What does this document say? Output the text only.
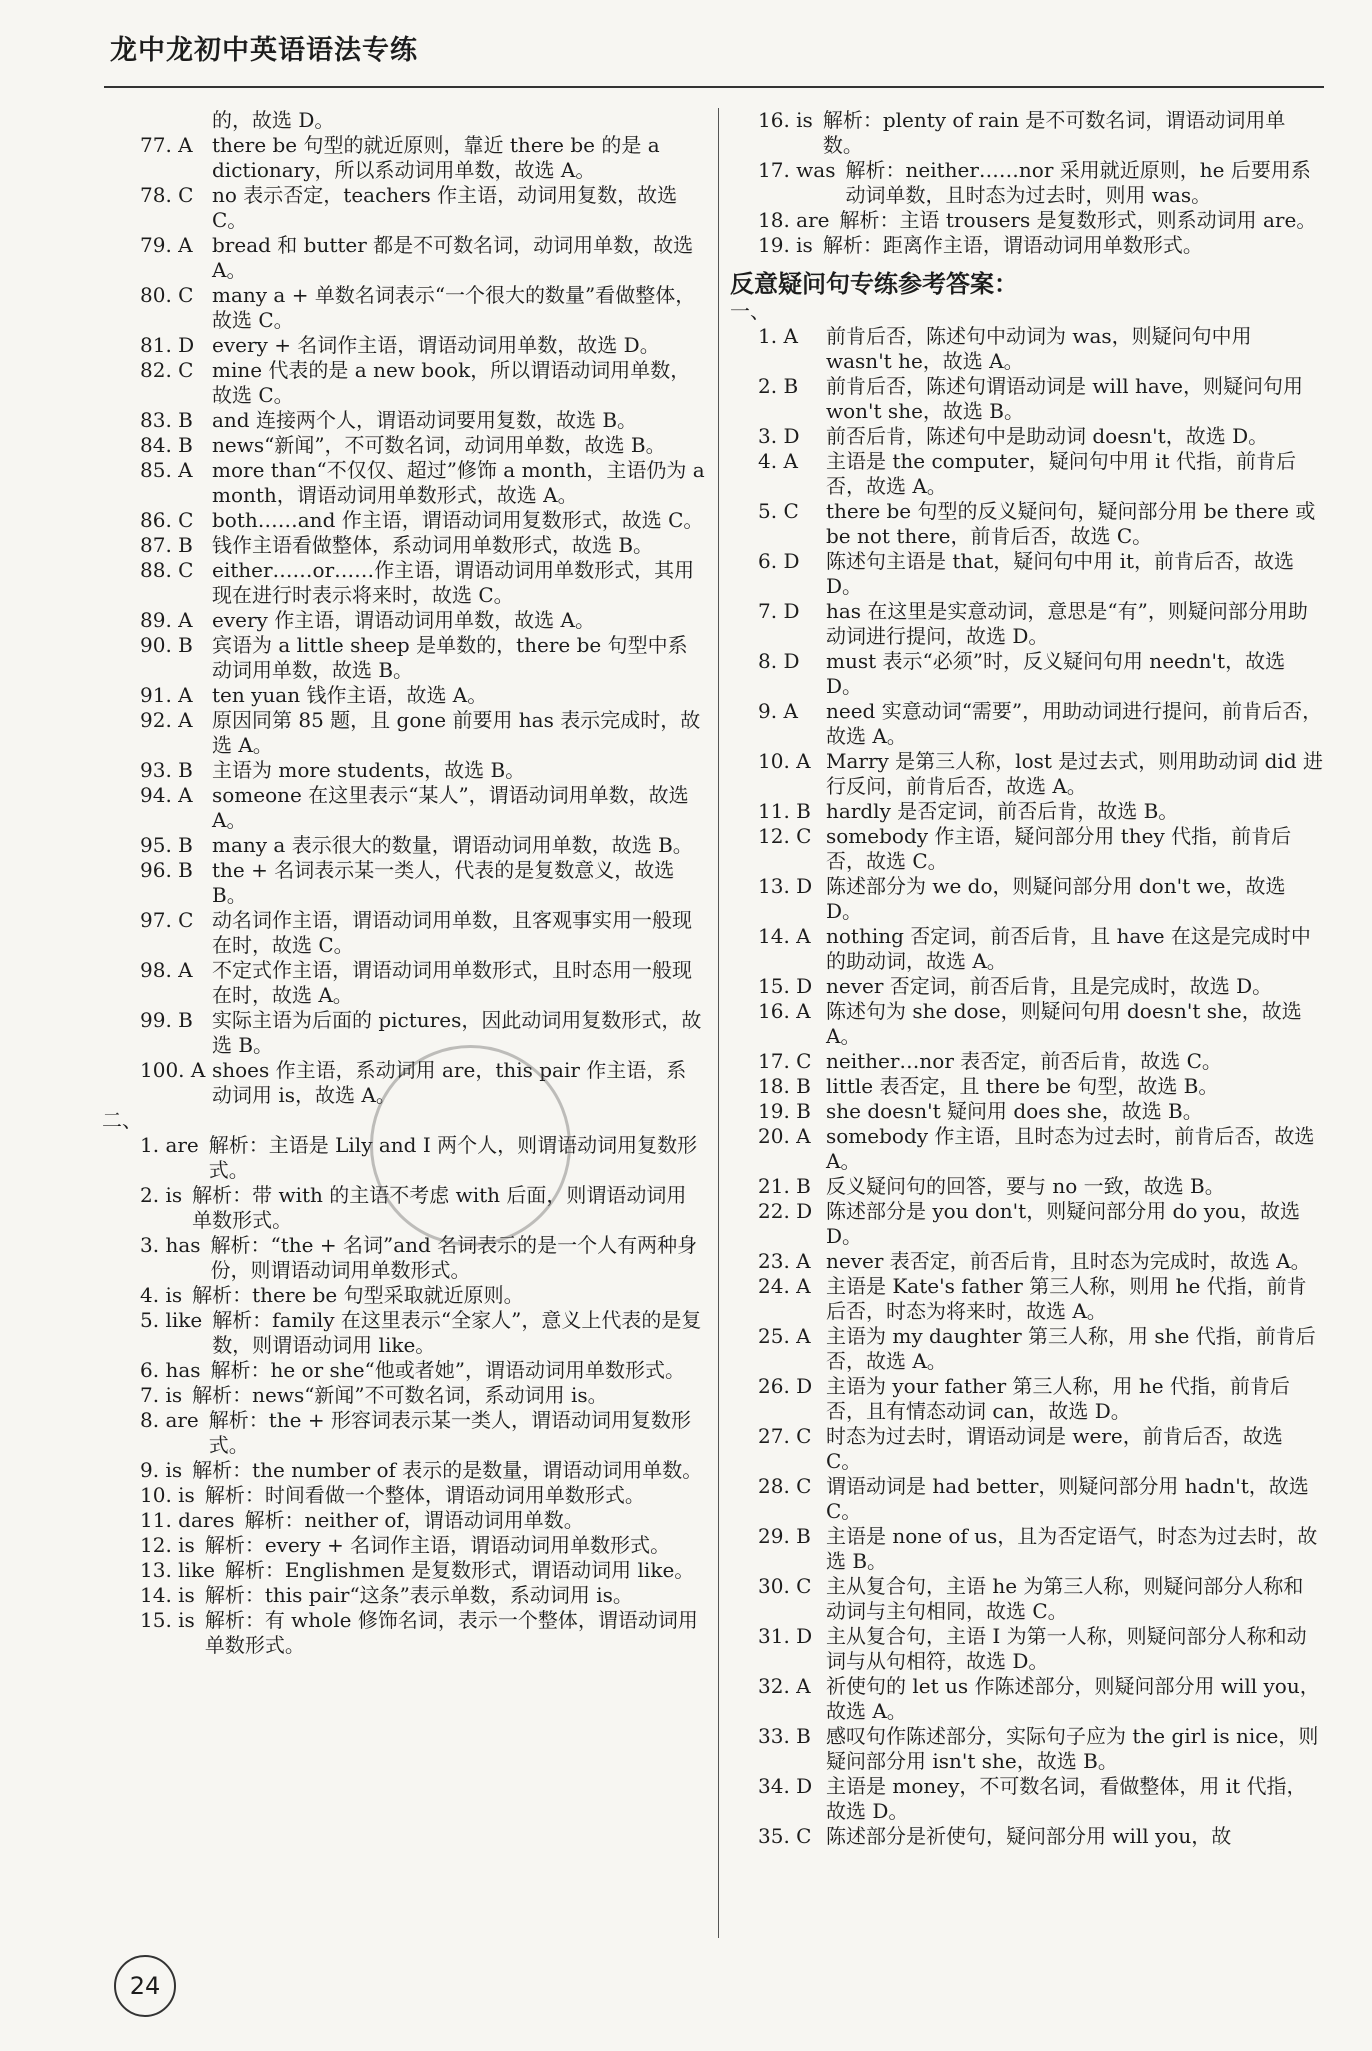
龙中龙初中英语语法专练
的，故选 D。
77. A there be 句型的就近原则，靠近 there be 的是 a dictionary，所以系动词用单数，故选 A。
78. C no 表示否定，teachers 作主语，动词用复数，故选 C。
79. A bread 和 butter 都是不可数名词，动词用单数，故选 A。
80. C many a + 单数名词表示“一个很大的数量”看做整体，故选 C。
81. D every + 名词作主语，谓语动词用单数，故选 D。
82. C mine 代表的是 a new book，所以谓语动词用单数，故选 C。
83. B and 连接两个人，谓语动词要用复数，故选 B。
84. B news“新闻”，不可数名词，动词用单数，故选 B。
85. A more than“不仅仅、超过”修饰 a month，主语仍为 a month，谓语动词用单数形式，故选 A。
86. C both……and 作主语，谓语动词用复数形式，故选 C。
87. B 钱作主语看做整体，系动词用单数形式，故选 B。
88. C either……or……作主语，谓语动词用单数形式，其用现在进行时表示将来时，故选 C。
89. A every 作主语，谓语动词用单数，故选 A。
90. B 宾语为 a little sheep 是单数的，there be 句型中系动词用单数，故选 B。
91. A ten yuan 钱作主语，故选 A。
92. A 原因同第 85 题，且 gone 前要用 has 表示完成时，故选 A。
93. B 主语为 more students，故选 B。
94. A someone 在这里表示“某人”，谓语动词用单数，故选 A。
95. B many a 表示很大的数量，谓语动词用单数，故选 B。
96. B the + 名词表示某一类人，代表的是复数意义，故选 B。
97. C 动名词作主语，谓语动词用单数，且客观事实用一般现在时，故选 C。
98. A 不定式作主语，谓语动词用单数形式，且时态用一般现在时，故选 A。
99. B 实际主语为后面的 pictures，因此动词用复数形式，故选 B。
100. A shoes 作主语，系动词用 are，this pair 作主语，系动词用 is，故选 A。
二、
1. are 解析：主语是 Lily and I 两个人，则谓语动词用复数形式。
2. is 解析：带 with 的主语不考虑 with 后面，则谓语动词用单数形式。
3. has 解析：“the + 名词”and 名词表示的是一个人有两种身份，则谓语动词用单数形式。
4. is 解析：there be 句型采取就近原则。
5. like 解析：family 在这里表示“全家人”，意义上代表的是复数，则谓语动词用 like。
6. has 解析：he or she“他或者她”，谓语动词用单数形式。
7. is 解析：news“新闻”不可数名词，系动词用 is。
8. are 解析：the + 形容词表示某一类人，谓语动词用复数形式。
9. is 解析：the number of 表示的是数量，谓语动词用单数。
10. is 解析：时间看做一个整体，谓语动词用单数形式。
11. dares 解析：neither of，谓语动词用单数。
12. is 解析：every + 名词作主语，谓语动词用单数形式。
13. like 解析：Englishmen 是复数形式，谓语动词用 like。
14. is 解析：this pair“这条”表示单数，系动词用 is。
15. is 解析：有 whole 修饰名词，表示一个整体，谓语动词用单数形式。
16. is 解析：plenty of rain 是不可数名词，谓语动词用单数。
17. was 解析：neither……nor 采用就近原则，he 后要用系动词单数，且时态为过去时，则用 was。
18. are 解析：主语 trousers 是复数形式，则系动词用 are。
19. is 解析：距离作主语，谓语动词用单数形式。
反意疑问句专练参考答案：
一、
1. A	前肯后否，陈述句中动词为 was，则疑问句中用 wasn't he，故选 A。
2. B	前肯后否，陈述句谓语动词是 will have，则疑问句用 won't she，故选 B。
3. D	前否后肯，陈述句中是助动词 doesn't，故选 D。
4. A	主语是 the computer，疑问句中用 it 代指，前肯后否，故选 A。
5. C	there be 句型的反义疑问句，疑问部分用 be there 或 be not there，前肯后否，故选 C。
6. D	陈述句主语是 that，疑问句中用 it，前肯后否，故选 D。
7. D	has 在这里是实意动词，意思是“有”，则疑问部分用助动词进行提问，故选 D。
8. D	must 表示“必须”时，反义疑问句用 needn't，故选 D。
9. A	need 实意动词“需要”，用助动词进行提问，前肯后否，故选 A。
10. A Marry 是第三人称，lost 是过去式，则用助动词 did 进行反问，前肯后否，故选 A。
11. B hardly 是否定词，前否后肯，故选 B。
12. C somebody 作主语，疑问部分用 they 代指，前肯后否，故选 C。
13. D 陈述部分为 we do，则疑问部分用 don't we，故选 D。
14. A nothing 否定词，前否后肯，且 have 在这是完成时中的助动词，故选 A。
15. D never 否定词，前否后肯，且是完成时，故选 D。
16. A 陈述句为 she dose，则疑问句用 doesn't she，故选 A。
17. C neither…nor 表否定，前否后肯，故选 C。
18. B little 表否定，且 there be 句型，故选 B。
19. B she doesn't 疑问用 does she，故选 B。
20. A somebody 作主语，且时态为过去时，前肯后否，故选 A。
21. B 反义疑问句的回答，要与 no 一致，故选 B。
22. D 陈述部分是 you don't，则疑问部分用 do you，故选 D。
23. A never 表否定，前否后肯，且时态为完成时，故选 A。
24. A 主语是 Kate's father 第三人称，则用 he 代指，前肯后否，时态为将来时，故选 A。
25. A 主语为 my daughter 第三人称，用 she 代指，前肯后否，故选 A。
26. D 主语为 your father 第三人称，用 he 代指，前肯后否，且有情态动词 can，故选 D。
27. C 时态为过去时，谓语动词是 were，前肯后否，故选 C。
28. C 谓语动词是 had better，则疑问部分用 hadn't，故选 C。
29. B 主语是 none of us，且为否定语气，时态为过去时，故选 B。
30. C 主从复合句，主语 he 为第三人称，则疑问部分人称和动词与主句相同，故选 C。
31. D 主从复合句，主语 I 为第一人称，则疑问部分人称和动词与从句相符，故选 D。
32. A 祈使句的 let us 作陈述部分，则疑问部分用 will you，故选 A。
33. B 感叹句作陈述部分，实际句子应为 the girl is nice，则疑问部分用 isn't she，故选 B。
34. D 主语是 money，不可数名词，看做整体，用 it 代指，故选 D。
35. C 陈述部分是祈使句，疑问部分用 will you，故
24
